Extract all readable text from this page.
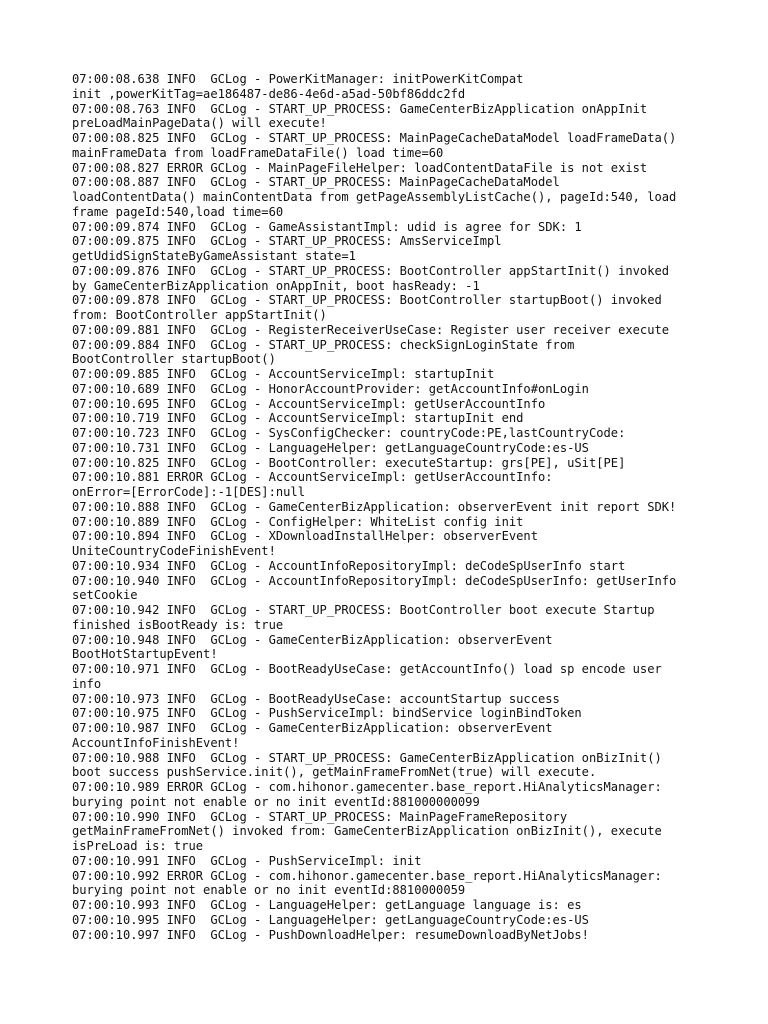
07:00:08.638 INFO  GCLog - PowerKitManager: initPowerKitCompat
init ,powerKitTag=ae186487-de86-4e6d-a5ad-50bf86ddc2fd
07:00:08.763 INFO  GCLog - START_UP_PROCESS: GameCenterBizApplication onAppInit
preLoadMainPageData() will execute!
07:00:08.825 INFO  GCLog - START_UP_PROCESS: MainPageCacheDataModel loadFrameData()
mainFrameData from loadFrameDataFile() load time=60
07:00:08.827 ERROR GCLog - MainPageFileHelper: loadContentDataFile is not exist
07:00:08.887 INFO  GCLog - START_UP_PROCESS: MainPageCacheDataModel
loadContentData() mainContentData from getPageAssemblyListCache(), pageId:540, load
frame pageId:540,load time=60
07:00:09.874 INFO  GCLog - GameAssistantImpl: udid is agree for SDK: 1
07:00:09.875 INFO  GCLog - START_UP_PROCESS: AmsServiceImpl
getUdidSignStateByGameAssistant state=1
07:00:09.876 INFO  GCLog - START_UP_PROCESS: BootController appStartInit() invoked
by GameCenterBizApplication onAppInit, boot hasReady: -1
07:00:09.878 INFO  GCLog - START_UP_PROCESS: BootController startupBoot() invoked
from: BootController appStartInit()
07:00:09.881 INFO  GCLog - RegisterReceiverUseCase: Register user receiver execute
07:00:09.884 INFO  GCLog - START_UP_PROCESS: checkSignLoginState from
BootController startupBoot()
07:00:09.885 INFO  GCLog - AccountServiceImpl: startupInit
07:00:10.689 INFO  GCLog - HonorAccountProvider: getAccountInfo#onLogin
07:00:10.695 INFO  GCLog - AccountServiceImpl: getUserAccountInfo
07:00:10.719 INFO  GCLog - AccountServiceImpl: startupInit end
07:00:10.723 INFO  GCLog - SysConfigChecker: countryCode:PE,lastCountryCode:
07:00:10.731 INFO  GCLog - LanguageHelper: getLanguageCountryCode:es-US
07:00:10.825 INFO  GCLog - BootController: executeStartup: grs[PE], uSit[PE]
07:00:10.881 ERROR GCLog - AccountServiceImpl: getUserAccountInfo:
onError=[ErrorCode]:-1[DES]:null
07:00:10.888 INFO  GCLog - GameCenterBizApplication: observerEvent init report SDK!
07:00:10.889 INFO  GCLog - ConfigHelper: WhiteList config init
07:00:10.894 INFO  GCLog - XDownloadInstallHelper: observerEvent
UniteCountryCodeFinishEvent!
07:00:10.934 INFO  GCLog - AccountInfoRepositoryImpl: deCodeSpUserInfo start
07:00:10.940 INFO  GCLog - AccountInfoRepositoryImpl: deCodeSpUserInfo: getUserInfo
setCookie
07:00:10.942 INFO  GCLog - START_UP_PROCESS: BootController boot execute Startup
finished isBootReady is: true
07:00:10.948 INFO  GCLog - GameCenterBizApplication: observerEvent
BootHotStartupEvent!
07:00:10.971 INFO  GCLog - BootReadyUseCase: getAccountInfo() load sp encode user
info
07:00:10.973 INFO  GCLog - BootReadyUseCase: accountStartup success
07:00:10.975 INFO  GCLog - PushServiceImpl: bindService loginBindToken
07:00:10.987 INFO  GCLog - GameCenterBizApplication: observerEvent
AccountInfoFinishEvent!
07:00:10.988 INFO  GCLog - START_UP_PROCESS: GameCenterBizApplication onBizInit()
boot success pushService.init(), getMainFrameFromNet(true) will execute.
07:00:10.989 ERROR GCLog - com.hihonor.gamecenter.base_report.HiAnalyticsManager:
burying point not enable or no init eventId:881000000099
07:00:10.990 INFO  GCLog - START_UP_PROCESS: MainPageFrameRepository
getMainFrameFromNet() invoked from: GameCenterBizApplication onBizInit(), execute
isPreLoad is: true
07:00:10.991 INFO  GCLog - PushServiceImpl: init
07:00:10.992 ERROR GCLog - com.hihonor.gamecenter.base_report.HiAnalyticsManager:
burying point not enable or no init eventId:8810000059
07:00:10.993 INFO  GCLog - LanguageHelper: getLanguage language is: es
07:00:10.995 INFO  GCLog - LanguageHelper: getLanguageCountryCode:es-US
07:00:10.997 INFO  GCLog - PushDownloadHelper: resumeDownloadByNetJobs!
